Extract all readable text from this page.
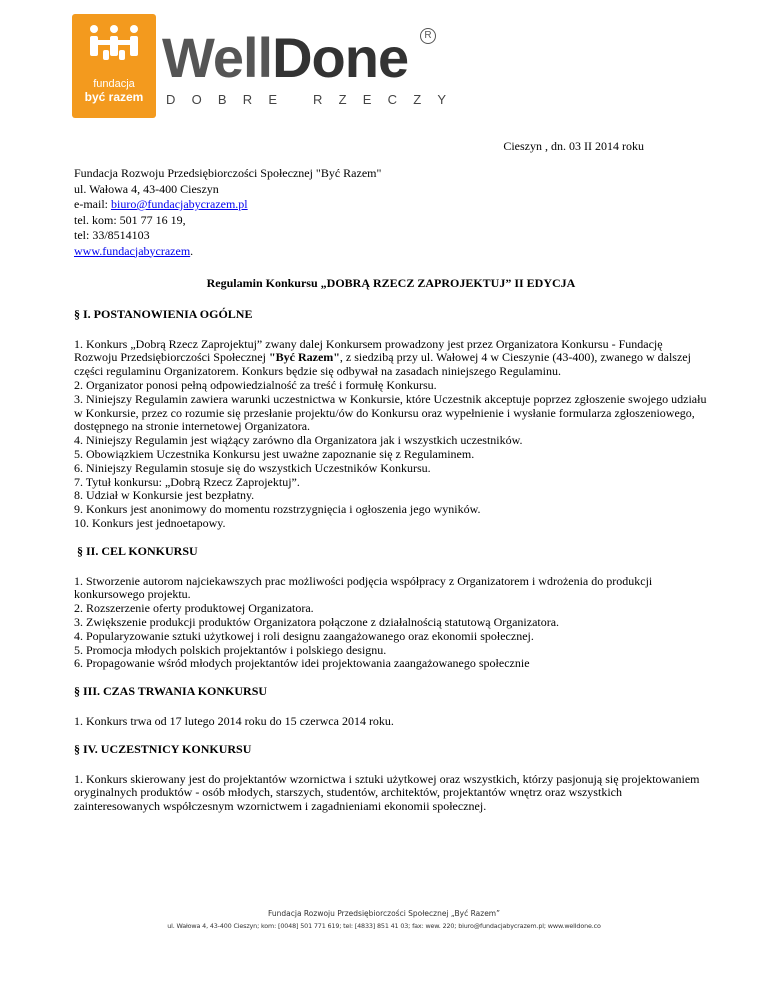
fundacja
być razem
WellDone	R
DOBRE RZECZY
Cieszyn , dn. 03 II 2014 roku
Fundacja Rozwoju Przedsiębiorczości Społecznej "Być Razem"
ul. Wałowa 4, 43-400 Cieszyn
e-mail: biuro@fundacjabycrazem.pl
tel. kom: 501 77 16 19,
tel: 33/8514103
www.fundacjabycrazem.

Regulamin Konkursu „DOBRĄ RZECZ ZAPROJEKTUJ” II EDYCJA

§ I. POSTANOWIENIA OGÓLNE

1. Konkurs „Dobrą Rzecz Zaprojektuj” zwany dalej Konkursem prowadzony jest przez Organizatora Konkursu - Fundację Rozwoju Przedsiębiorczości Społecznej "Być Razem", z siedzibą przy ul. Wałowej 4 w Cieszynie (43-400), zwanego w dalszej części regulaminu Organizatorem. Konkurs będzie się odbywał na zasadach niniejszego Regulaminu.

2. Organizator ponosi pełną odpowiedzialność za treść i formułę Konkursu.

3. Niniejszy Regulamin zawiera warunki uczestnictwa w Konkursie, które Uczestnik akceptuje poprzez zgłoszenie swojego udziału w Konkursie, przez co rozumie się przesłanie projektu/ów do Konkursu oraz wypełnienie i wysłanie formularza zgłoszeniowego, dostępnego na stronie internetowej Organizatora.

4. Niniejszy Regulamin jest wiążący zarówno dla Organizatora jak i wszystkich uczestników.

5. Obowiązkiem Uczestnika Konkursu jest uważne zapoznanie się z Regulaminem.

6. Niniejszy Regulamin stosuje się do wszystkich Uczestników Konkursu.

7. Tytuł konkursu: „Dobrą Rzecz Zaprojektuj”.

8. Udział w Konkursie jest bezpłatny.

9. Konkurs jest anonimowy do momentu rozstrzygnięcia i ogłoszenia jego wyników.

10. Konkurs jest jednoetapowy.

§ II. CEL KONKURSU

1. Stworzenie autorom najciekawszych prac możliwości podjęcia współpracy z Organizatorem i wdrożenia do produkcji konkursowego projektu.

2. Rozszerzenie oferty produktowej Organizatora.

3. Zwiększenie produkcji produktów Organizatora połączone z działalnością statutową Organizatora.

4. Popularyzowanie sztuki użytkowej i roli designu zaangażowanego oraz ekonomii społecznej.

5. Promocja młodych polskich projektantów i polskiego designu.

6. Propagowanie wśród młodych projektantów idei projektowania zaangażowanego społecznie

§ III. CZAS TRWANIA KONKURSU

1. Konkurs trwa od 17 lutego 2014 roku do 15 czerwca 2014 roku.

§ IV. UCZESTNICY KONKURSU

1. Konkurs skierowany jest do projektantów wzornictwa i sztuki użytkowej oraz wszystkich, którzy pasjonują się projektowaniem oryginalnych produktów - osób młodych, starszych, studentów, architektów, projektantów wnętrz oraz wszystkich zainteresowanych współczesnym wzornictwem i zagadnieniami ekonomii społecznej.

Fundacja Rozwoju Przedsiębiorczości Społecznej „Być Razem”
ul. Wałowa 4, 43-400 Cieszyn; kom: [0048] 501 771 619; tel: [4833] 851 41 03; fax: wew. 220; biuro@fundacjabycrazem.pl; www.welldone.co
